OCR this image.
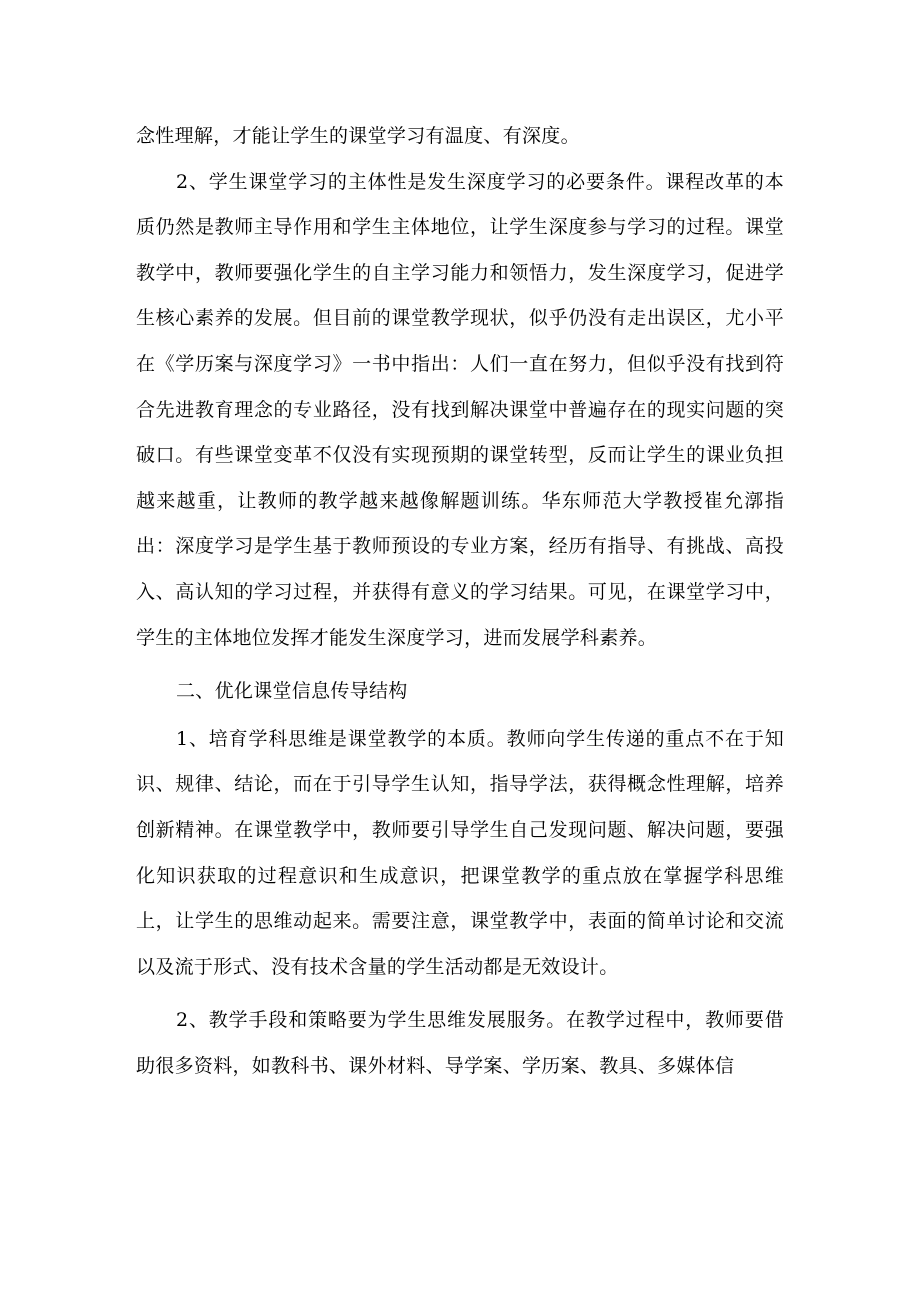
念性理解，才能让学生的课堂学习有温度、有深度。

2、学生课堂学习的主体性是发生深度学习的必要条件。课程改革的本质仍然是教师主导作用和学生主体地位，让学生深度参与学习的过程。课堂教学中，教师要强化学生的自主学习能力和领悟力，发生深度学习，促进学生核心素养的发展。但目前的课堂教学现状，似乎仍没有走出误区，尤小平在《学历案与深度学习》一书中指出：人们一直在努力，但似乎没有找到符合先进教育理念的专业路径，没有找到解决课堂中普遍存在的现实问题的突破口。有些课堂变革不仅没有实现预期的课堂转型，反而让学生的课业负担越来越重，让教师的教学越来越像解题训练。华东师范大学教授崔允漷指出：深度学习是学生基于教师预设的专业方案，经历有指导、有挑战、高投入、高认知的学习过程，并获得有意义的学习结果。可见，在课堂学习中，学生的主体地位发挥才能发生深度学习，进而发展学科素养。

二、优化课堂信息传导结构

1、培育学科思维是课堂教学的本质。教师向学生传递的重点不在于知识、规律、结论，而在于引导学生认知，指导学法，获得概念性理解，培养创新精神。在课堂教学中，教师要引导学生自己发现问题、解决问题，要强化知识获取的过程意识和生成意识，把课堂教学的重点放在掌握学科思维上，让学生的思维动起来。需要注意，课堂教学中，表面的简单讨论和交流以及流于形式、没有技术含量的学生活动都是无效设计。

2、教学手段和策略要为学生思维发展服务。在教学过程中，教师要借助很多资料，如教科书、课外材料、导学案、学历案、教具、多媒体信
